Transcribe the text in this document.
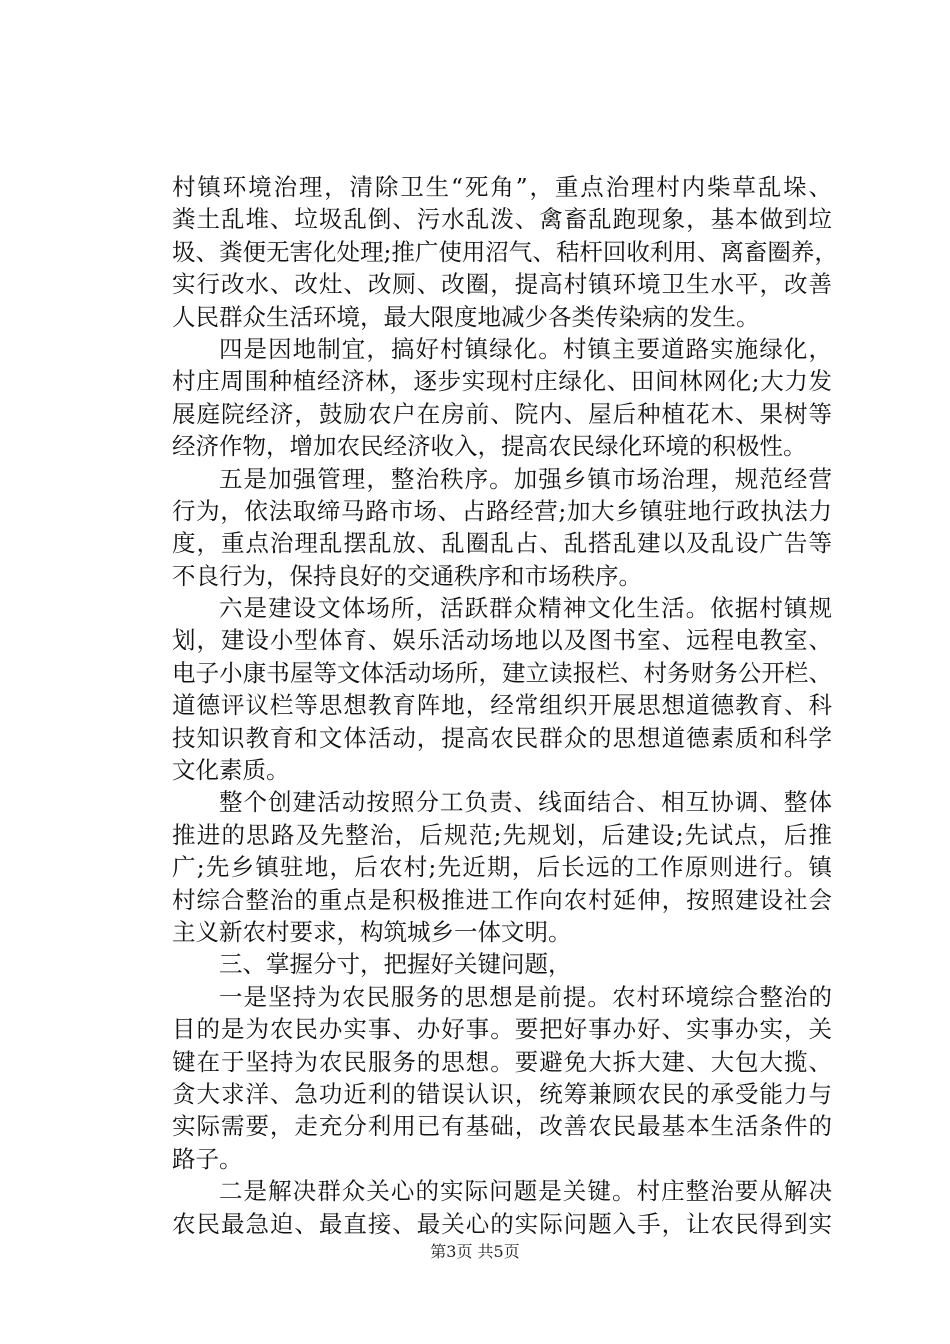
村镇环境治理，清除卫生“死角”，重点治理村内柴草乱垛、
粪土乱堆、垃圾乱倒、污水乱泼、禽畜乱跑现象，基本做到垃
圾、粪便无害化处理;推广使用沼气、秸杆回收利用、离畜圈养，
实行改水、改灶、改厕、改圈，提高村镇环境卫生水平，改善
人民群众生活环境，最大限度地减少各类传染病的发生。
四是因地制宜，搞好村镇绿化。村镇主要道路实施绿化，
村庄周围种植经济林，逐步实现村庄绿化、田间林网化;大力发
展庭院经济，鼓励农户在房前、院内、屋后种植花木、果树等
经济作物，增加农民经济收入，提高农民绿化环境的积极性。
五是加强管理，整治秩序。加强乡镇市场治理，规范经营
行为，依法取缔马路市场、占路经营;加大乡镇驻地行政执法力
度，重点治理乱摆乱放、乱圈乱占、乱搭乱建以及乱设广告等
不良行为，保持良好的交通秩序和市场秩序。
六是建设文体场所，活跃群众精神文化生活。依据村镇规
划，建设小型体育、娱乐活动场地以及图书室、远程电教室、
电子小康书屋等文体活动场所，建立读报栏、村务财务公开栏、
道德评议栏等思想教育阵地，经常组织开展思想道德教育、科
技知识教育和文体活动，提高农民群众的思想道德素质和科学
文化素质。
整个创建活动按照分工负责、线面结合、相互协调、整体
推进的思路及先整治，后规范;先规划，后建设;先试点，后推
广;先乡镇驻地，后农村;先近期，后长远的工作原则进行。镇
村综合整治的重点是积极推进工作向农村延伸，按照建设社会
主义新农村要求，构筑城乡一体文明。
三、掌握分寸，把握好关键问题，
一是坚持为农民服务的思想是前提。农村环境综合整治的
目的是为农民办实事、办好事。要把好事办好、实事办实，关
键在于坚持为农民服务的思想。要避免大拆大建、大包大揽、
贪大求洋、急功近利的错误认识，统筹兼顾农民的承受能力与
实际需要，走充分利用已有基础，改善农民最基本生活条件的
路子。
二是解决群众关心的实际问题是关键。村庄整治要从解决
农民最急迫、最直接、最关心的实际问题入手，让农民得到实
第3页 共5页
